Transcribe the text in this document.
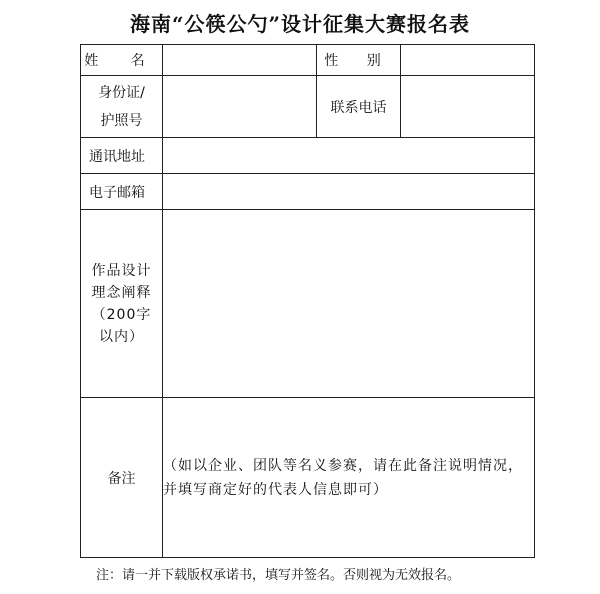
海南“公筷公勺”设计征集大赛报名表
姓 名		性 别	

身份证/
护照号		联系电话	
通讯地址			
电子邮箱			

作品设计
理念阐释
（200字
以内）			

备注	（如以企业、团队等名义参赛，请在此备注说明情况，并填写商定好的代表人信息即可）		
注：请一并下载版权承诺书，填写并签名。否则视为无效报名。
